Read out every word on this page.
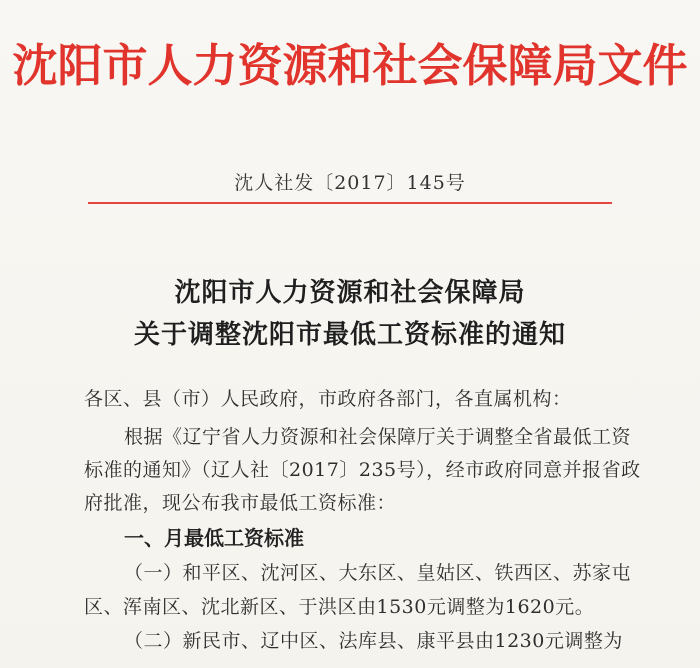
沈阳市人力资源和社会保障局文件
沈人社发〔2017〕145号
沈阳市人力资源和社会保障局
关于调整沈阳市最低工资标准的通知
各区、县（市）人民政府，市政府各部门，各直属机构：
根据《辽宁省人力资源和社会保障厅关于调整全省最低工资
标准的通知》（辽人社〔2017〕235号），经市政府同意并报省政
府批准，现公布我市最低工资标准：
一、月最低工资标准
（一）和平区、沈河区、大东区、皇姑区、铁西区、苏家屯
区、浑南区、沈北新区、于洪区由1530元调整为1620元。
（二）新民市、辽中区、法库县、康平县由1230元调整为
